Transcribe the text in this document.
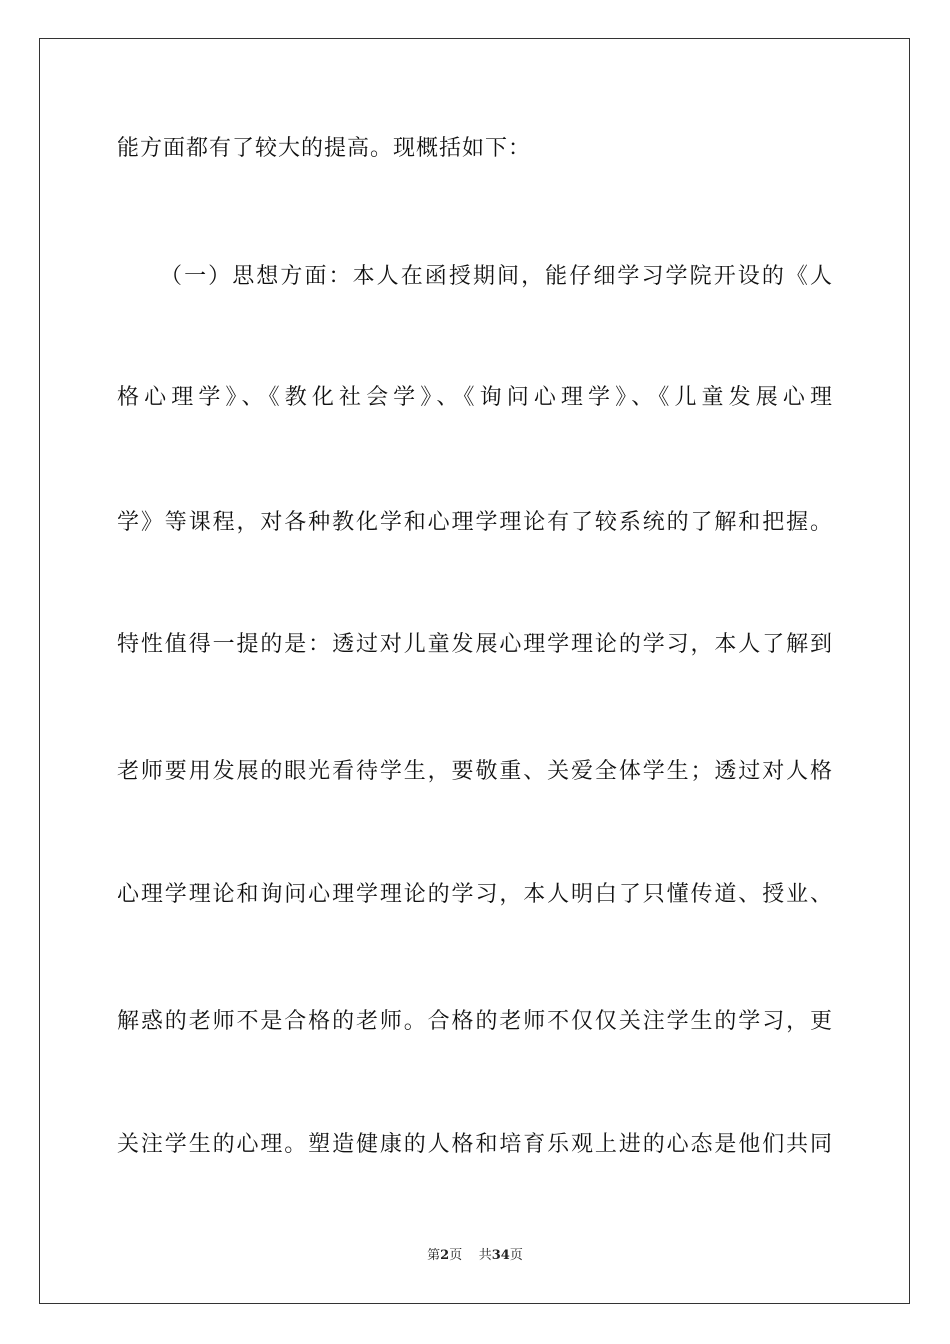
能方面都有了较大的提高。现概括如下：
（一）思想方面：本人在函授期间，能仔细学习学院开设的《人
格心理学》、《教化社会学》、《询问心理学》、《儿童发展心理
学》等课程，对各种教化学和心理学理论有了较系统的了解和把握。
特性值得一提的是：透过对儿童发展心理学理论的学习，本人了解到
老师要用发展的眼光看待学生，要敬重、关爱全体学生；透过对人格
心理学理论和询问心理学理论的学习，本人明白了只懂传道、授业、
解惑的老师不是合格的老师。合格的老师不仅仅关注学生的学习，更
关注学生的心理。塑造健康的人格和培育乐观上进的心态是他们共同
第2页 共34页
